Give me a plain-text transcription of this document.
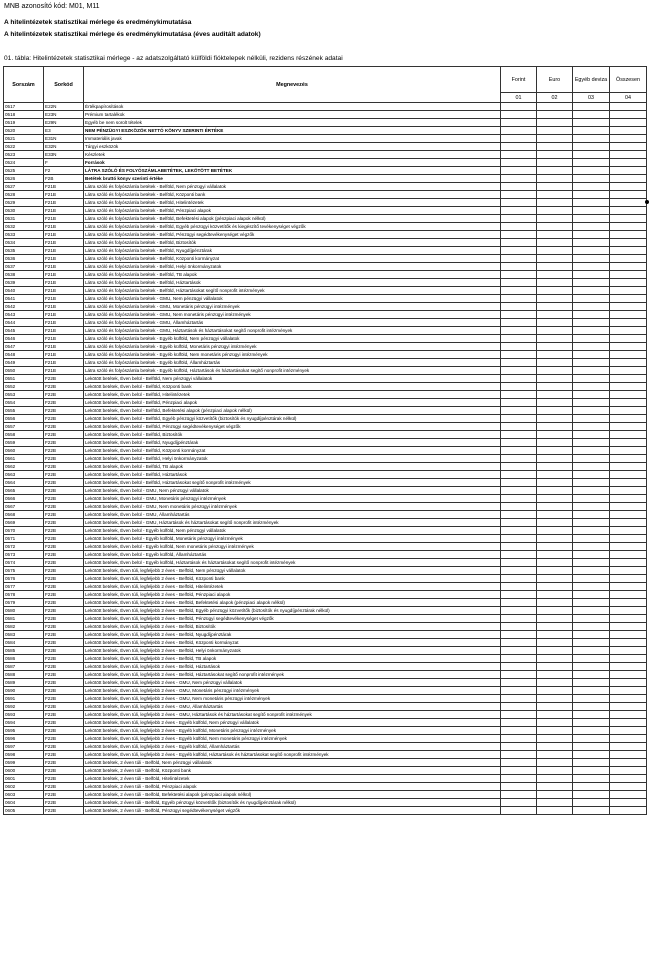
MNB azonosító kód: M01, M11
A hitelintézetek statisztikai mérlege és eredménykimutatása
A hitelintézetek statisztikai mérlege és eredménykimutatása (éves auditált adatok)
01. tábla: Hitelintézetek statisztikai mérlege - az adatszolgáltató külföldi fióktelepek nélküli, rezidens részének adatai
Sorszám	Sorkód	Megnevezés	Forint	Euro	Egyéb deviza	Összesen
			01	02	03	04
0517	E22N	Értékpapírosítások				
0518	E23N	Prémium tartalékok				
0519	E29N	Egyéb be nem sorolt tételek				
0520	E3	NEM PÉNZÜGYI ESZKÖZÖK NETTÓ KÖNYV SZERINTI ÉRTÉKE				
0521	E31N	Immateriális javak				
0522	E32N	Tárgyi eszközök				
0523	E33N	Készletek				
0524	F	Források				
0525	F2	LÁTRA SZÓLÓ ÉS FOLYÓSZÁMLABETÉTEK, LEKÖTÖTT BETÉTEK				
0526	F2B	Betétek bruttó könyv szerinti értéke				
0527	F21B	Látra szóló és folyószámla betétek - Belföld, Nem pénzügyi vállalatok				
0528	F21B	Látra szóló és folyószámla betétek - Belföld, Központi bank				
0529	F21B	Látra szóló és folyószámla betétek - Belföld, Hitelintézetek				
0530	F21B	Látra szóló és folyószámla betétek - Belföld, Pénzpiaci alapok				
0531	F21B	Látra szóló és folyószámla betétek - Belföld, Befektetési alapok (pénzpiaci alapok nélkül)				
0532	F21B	Látra szóló és folyószámla betétek - Belföld, Egyéb pénzügyi közvetítők és kiegészítő tevékenységet végzők				
0533	F21B	Látra szóló és folyószámla betétek - Belföld, Pénzügyi segédtevékenységet végzők				
0534	F21B	Látra szóló és folyószámla betétek - Belföld, Biztosítók				
0535	F21B	Látra szóló és folyószámla betétek - Belföld, Nyugdíjpénztárak				
0536	F21B	Látra szóló és folyószámla betétek - Belföld, Központi kormányzat				
0537	F21B	Látra szóló és folyószámla betétek - Belföld, Helyi önkormányzatok				
0538	F21B	Látra szóló és folyószámla betétek - Belföld, TB alapok				
0539	F21B	Látra szóló és folyószámla betétek - Belföld, Háztartások				
0540	F21B	Látra szóló és folyószámla betétek - Belföld, Háztartásokat segítő nonprofit intézmények				
0541	F21B	Látra szóló és folyószámla betétek - GMU, Nem pénzügyi vállalatok				
0542	F21B	Látra szóló és folyószámla betétek - GMU, Monetáris pénzügyi intézmények				
0543	F21B	Látra szóló és folyószámla betétek - GMU, Nem monetáris pénzügyi intézmények				
0544	F21B	Látra szóló és folyószámla betétek - GMU, Államháztartás				
0545	F21B	Látra szóló és folyószámla betétek - GMU, Háztartások és háztartásokat segítő nonprofit intézmények				
0546	F21B	Látra szóló és folyószámla betétek - Egyéb külföld, Nem pénzügyi vállalatok				
0547	F21B	Látra szóló és folyószámla betétek - Egyéb külföld, Monetáris pénzügyi intézmények				
0548	F21B	Látra szóló és folyószámla betétek - Egyéb külföld, Nem monetáris pénzügyi intézmények				
0549	F21B	Látra szóló és folyószámla betétek - Egyéb külföld, Államháztartás				
0550	F21B	Látra szóló és folyószámla betétek - Egyéb külföld, Háztartások és háztartásokat segítő nonprofit intézmények				
0551	F22B	Lekötött betétek, Éven belül - Belföld, Nem pénzügyi vállalatok				
0552	F22B	Lekötött betétek, Éven belül - Belföld, Központi bank				
0553	F22B	Lekötött betétek, Éven belül - Belföld, Hitelintézetek				
0554	F22B	Lekötött betétek, Éven belül - Belföld, Pénzpiaci alapok				
0555	F22B	Lekötött betétek, Éven belül - Belföld, Befektetési alapok (pénzpiaci alapok nélkül)				
0556	F22B	Lekötött betétek, Éven belül - Belföld, Egyéb pénzügyi közvetítők (biztosítók és nyugdíjpénztárak nélkül)				
0557	F22B	Lekötött betétek, Éven belül - Belföld, Pénzügyi segédtevékenységet végzők				
0558	F22B	Lekötött betétek, Éven belül - Belföld, Biztosítók				
0559	F22B	Lekötött betétek, Éven belül - Belföld, Nyugdíjpénztárak				
0560	F22B	Lekötött betétek, Éven belül - Belföld, Központi kormányzat				
0561	F22B	Lekötött betétek, Éven belül - Belföld, Helyi önkormányzatok				
0562	F22B	Lekötött betétek, Éven belül - Belföld, TB alapok				
0563	F22B	Lekötött betétek, Éven belül - Belföld, Háztartások				
0564	F22B	Lekötött betétek, Éven belül - Belföld, Háztartásokat segítő nonprofit intézmények				
0565	F22B	Lekötött betétek, Éven belül - GMU, Nem pénzügyi vállalatok				
0566	F22B	Lekötött betétek, Éven belül - GMU, Monetáris pénzügyi intézmények				
0567	F22B	Lekötött betétek, Éven belül - GMU, Nem monetáris pénzügyi intézmények				
0568	F22B	Lekötött betétek, Éven belül - GMU, Államháztartás				
0569	F22B	Lekötött betétek, Éven belül - GMU, Háztartások és háztartásokat segítő nonprofit intézmények				
0570	F22B	Lekötött betétek, Éven belül - Egyéb külföld, Nem pénzügyi vállalatok				
0571	F22B	Lekötött betétek, Éven belül - Egyéb külföld, Monetáris pénzügyi intézmények				
0572	F22B	Lekötött betétek, Éven belül - Egyéb külföld, Nem monetáris pénzügyi intézmények				
0573	F22B	Lekötött betétek, Éven belül - Egyéb külföld, Államháztartás				
0574	F22B	Lekötött betétek, Éven belül - Egyéb külföld, Háztartások és háztartásokat segítő nonprofit intézmények				
0575	F22B	Lekötött betétek, Éven túli, legfeljebb 2 éves - Belföld, Nem pénzügyi vállalatok				
0576	F22B	Lekötött betétek, Éven túli, legfeljebb 2 éves - Belföld, Központi bank				
0577	F22B	Lekötött betétek, Éven túli, legfeljebb 2 éves - Belföld, Hitelintézetek				
0578	F22B	Lekötött betétek, Éven túli, legfeljebb 2 éves - Belföld, Pénzpiaci alapok				
0579	F22B	Lekötött betétek, Éven túli, legfeljebb 2 éves - Belföld, Befektetési alapok (pénzpiaci alapok nélkül)				
0580	F22B	Lekötött betétek, Éven túli, legfeljebb 2 éves - Belföld, Egyéb pénzügyi közvetítők (biztosítók és nyugdíjpénztárak nélkül)				
0581	F22B	Lekötött betétek, Éven túli, legfeljebb 2 éves - Belföld, Pénzügyi segédtevékenységet végzők				
0582	F22B	Lekötött betétek, Éven túli, legfeljebb 2 éves - Belföld, Biztosítók				
0583	F22B	Lekötött betétek, Éven túli, legfeljebb 2 éves - Belföld, Nyugdíjpénztárak				
0584	F22B	Lekötött betétek, Éven túli, legfeljebb 2 éves - Belföld, Központi kormányzat				
0585	F22B	Lekötött betétek, Éven túli, legfeljebb 2 éves - Belföld, Helyi önkormányzatok				
0586	F22B	Lekötött betétek, Éven túli, legfeljebb 2 éves - Belföld, TB alapok				
0587	F22B	Lekötött betétek, Éven túli, legfeljebb 2 éves - Belföld, Háztartások				
0588	F22B	Lekötött betétek, Éven túli, legfeljebb 2 éves - Belföld, Háztartásokat segítő nonprofit intézmények				
0589	F22B	Lekötött betétek, Éven túli, legfeljebb 2 éves - GMU, Nem pénzügyi vállalatok				
0590	F22B	Lekötött betétek, Éven túli, legfeljebb 2 éves - GMU, Monetáris pénzügyi intézmények				
0591	F22B	Lekötött betétek, Éven túli, legfeljebb 2 éves - GMU, Nem monetáris pénzügyi intézmények				
0592	F22B	Lekötött betétek, Éven túli, legfeljebb 2 éves - GMU, Államháztartás				
0593	F22B	Lekötött betétek, Éven túli, legfeljebb 2 éves - GMU, Háztartások és háztartásokat segítő nonprofit intézmények				
0594	F22B	Lekötött betétek, Éven túli, legfeljebb 2 éves - Egyéb külföld, Nem pénzügyi vállalatok				
0595	F22B	Lekötött betétek, Éven túli, legfeljebb 2 éves - Egyéb külföld, Monetáris pénzügyi intézmények				
0596	F22B	Lekötött betétek, Éven túli, legfeljebb 2 éves - Egyéb külföld, Nem monetáris pénzügyi intézmények				
0597	F22B	Lekötött betétek, Éven túli, legfeljebb 2 éves - Egyéb külföld, Államháztartás				
0598	F22B	Lekötött betétek, Éven túli, legfeljebb 2 éves - Egyéb külföld, Háztartások és háztartásokat segítő nonprofit intézmények				
0599	F22B	Lekötött betétek, 2 éven túli - Belföld, Nem pénzügyi vállalatok				
0600	F22B	Lekötött betétek, 2 éven túli - Belföld, Központi bank				
0601	F22B	Lekötött betétek, 2 éven túli - Belföld, Hitelintézetek				
0602	F22B	Lekötött betétek, 2 éven túli - Belföld, Pénzpiaci alapok				
0603	F22B	Lekötött betétek, 2 éven túli - Belföld, Befektetési alapok (pénzpiaci alapok nélkül)				
0604	F22B	Lekötött betétek, 2 éven túli - Belföld, Egyéb pénzügyi közvetítők (biztosítók és nyugdíjpénztárak nélkül)				
0605	F22B	Lekötött betétek, 2 éven túli - Belföld, Pénzügyi segédtevékenységet végzők				
